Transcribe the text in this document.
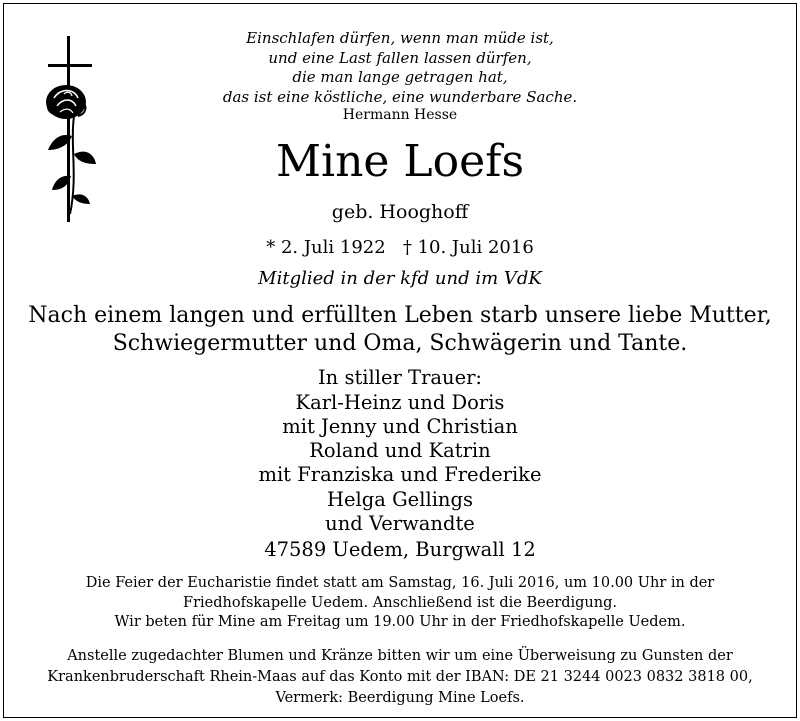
Einschlafen dürfen, wenn man müde ist,
und eine Last fallen lassen dürfen,
die man lange getragen hat,
das ist eine köstliche, eine wunderbare Sache.
Hermann Hesse
Mine Loefs
geb. Hooghoff
* 2. Juli 1922   † 10. Juli 2016
Mitglied in der kfd und im VdK
Nach einem langen und erfüllten Leben starb unsere liebe Mutter,
Schwiegermutter und Oma, Schwägerin und Tante.
In stiller Trauer:
Karl-Heinz und Doris
mit Jenny und Christian
Roland und Katrin
mit Franziska und Frederike
Helga Gellings
und Verwandte
47589 Uedem, Burgwall 12
Die Feier der Eucharistie findet statt am Samstag, 16. Juli 2016, um 10.00 Uhr in der
Friedhofskapelle Uedem. Anschließend ist die Beerdigung.
Wir beten für Mine am Freitag um 19.00 Uhr in der Friedhofskapelle Uedem.
Anstelle zugedachter Blumen und Kränze bitten wir um eine Überweisung zu Gunsten der
Krankenbruderschaft Rhein-Maas auf das Konto mit der IBAN: DE 21 3244 0023 0832 3818 00,
Vermerk: Beerdigung Mine Loefs.
